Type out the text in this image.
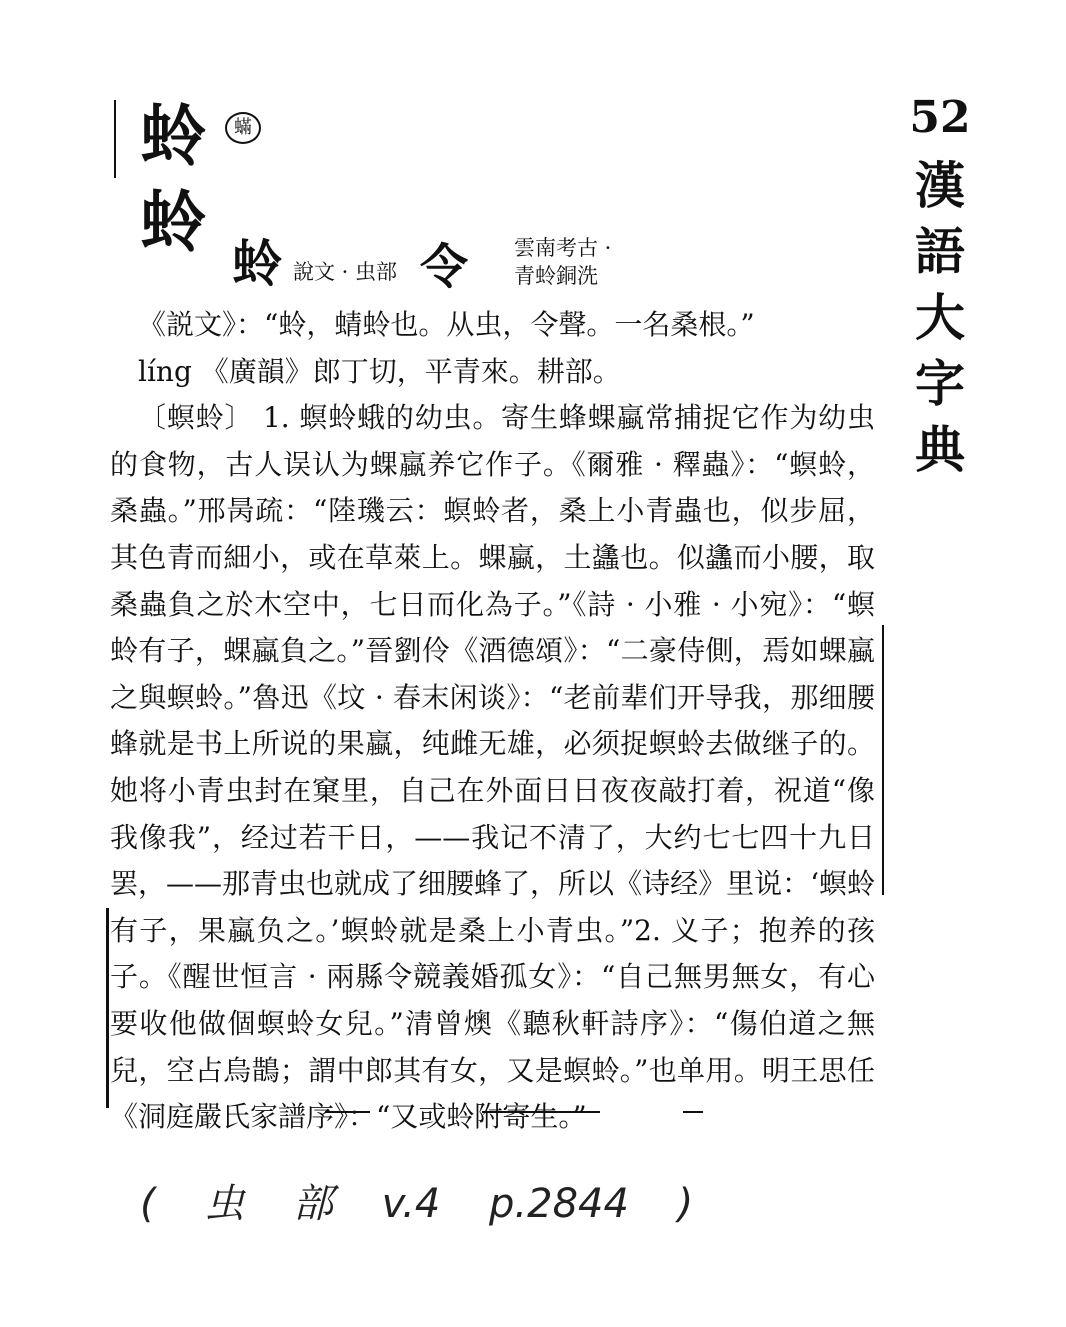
52
漢語大字典
蛉	蟎
蛉
蛉 說文 · 虫部 令 雲南考古 ·
青蛉銅洗

《説文》：“蛉，蜻蛉也。从虫，令聲。一名桑根。”

líng 《廣韻》郎丁切，平青來。耕部。

〔螟蛉〕 1. 螟蛉蛾的幼虫。寄生蜂蜾蠃常捕捉它作为幼虫的食物，古人误认为蜾蠃养它作子。《爾雅 · 釋蟲》：“螟蛉，桑蟲。”邢昺疏：“陸璣云：螟蛉者，桑上小青蟲也，似步屈，其色青而細小，或在草萊上。蜾蠃，土蠭也。似蠭而小腰，取桑蟲負之於木空中，七日而化為子。”《詩 · 小雅 · 小宛》：“螟蛉有子，蜾蠃負之。”晉劉伶《酒德頌》：“二豪侍側，焉如蜾蠃之與螟蛉。”魯迅《坟 · 春末闲谈》：“老前辈们开导我，那细腰蜂就是书上所说的果蠃，纯雌无雄，必须捉螟蛉去做继子的。她将小青虫封在窠里，自己在外面日日夜夜敲打着，祝道“像我像我”，经过若干日，——我记不清了，大约七七四十九日罢，——那青虫也就成了细腰蜂了，所以《诗经》里说：‘螟蛉有子，果蠃负之。’螟蛉就是桑上小青虫。”2. 义子；抱养的孩子。《醒世恒言 · 兩縣令競義婚孤女》：“自己無男無女，有心要收他做個螟蛉女兒。”清曾燠《聽秋軒詩序》：“傷伯道之無兒，空占烏鵲；謂中郎其有女，又是螟蛉。”也单用。明王思任《洞庭嚴氏家譜序》：“又或蛉附寄生。”

( 虫 部 v.4 p.2844 )
